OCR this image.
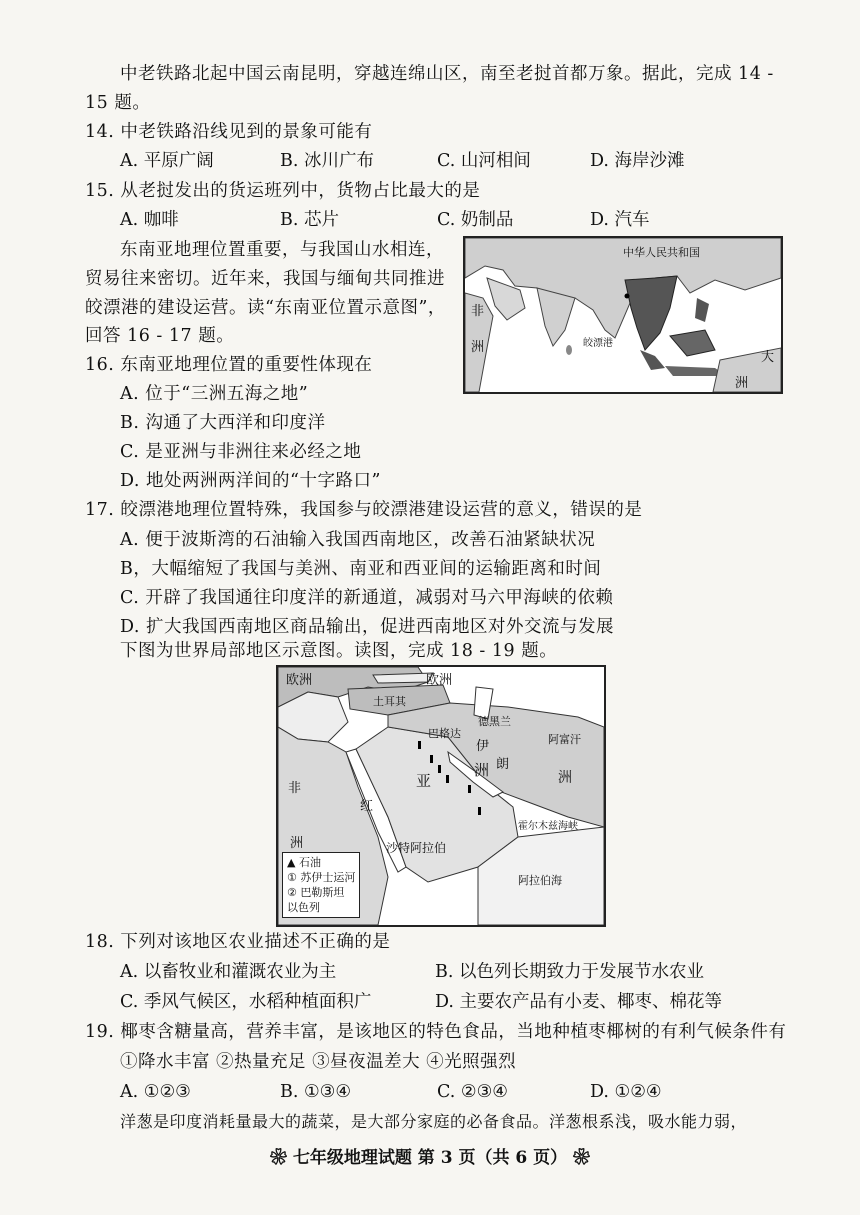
中老铁路北起中国云南昆明，穿越连绵山区，南至老挝首都万象。据此，完成 14 -
15 题。
14. 中老铁路沿线见到的景象可能有
A. 平原广阔	B. 冰川广布	C. 山河相间	D. 海岸沙滩
15. 从老挝发出的货运班列中，货物占比最大的是
A. 咖啡	B. 芯片	C. 奶制品	D. 汽车
东南亚地理位置重要，与我国山水相连，
贸易往来密切。近年来，我国与缅甸共同推进
皎漂港的建设运营。读“东南亚位置示意图”，
回答 16 - 17 题。
中华人民共和国
非
洲	皎漂港
大
洲
16. 东南亚地理位置的重要性体现在
A. 位于“三洲五海之地”
B. 沟通了大西洋和印度洋
C. 是亚洲与非洲往来必经之地
D. 地处两洲两洋间的“十字路口”
17. 皎漂港地理位置特殊，我国参与皎漂港建设运营的意义，错误的是
A. 便于波斯湾的石油输入我国西南地区，改善石油紧缺状况
B，大幅缩短了我国与美洲、南亚和西亚间的运输距离和时间
C. 开辟了我国通往印度洋的新通道，减弱对马六甲海峡的依赖
D. 扩大我国西南地区商品输出，促进西南地区对外交流与发展
下图为世界局部地区示意图。读图，完成 18 - 19 题。
欧洲	欧洲
土耳其
非
洲
亚
洲	洲
伊
朗
巴格达
德黑兰
阿富汗
沙特阿拉伯
阿拉伯海
红
霍尔木兹海峡
▲ 石油
① 苏伊士运河
② 巴勒斯坦
以色列
18. 下列对该地区农业描述不正确的是
A. 以畜牧业和灌溉农业为主	B. 以色列长期致力于发展节水农业
C. 季风气候区，水稻种植面积广	D. 主要农产品有小麦、椰枣、棉花等
19. 椰枣含糖量高，营养丰富，是该地区的特色食品，当地种植枣椰树的有利气候条件有
①降水丰富 ②热量充足 ③昼夜温差大 ④光照强烈
A. ①②③	B. ①③④	C. ②③④	D. ①②④
洋葱是印度消耗量最大的蔬菜，是大部分家庭的必备食品。洋葱根系浅，吸水能力弱，
❀ 七年级地理试题 第 3 页（共 6 页） ❀
